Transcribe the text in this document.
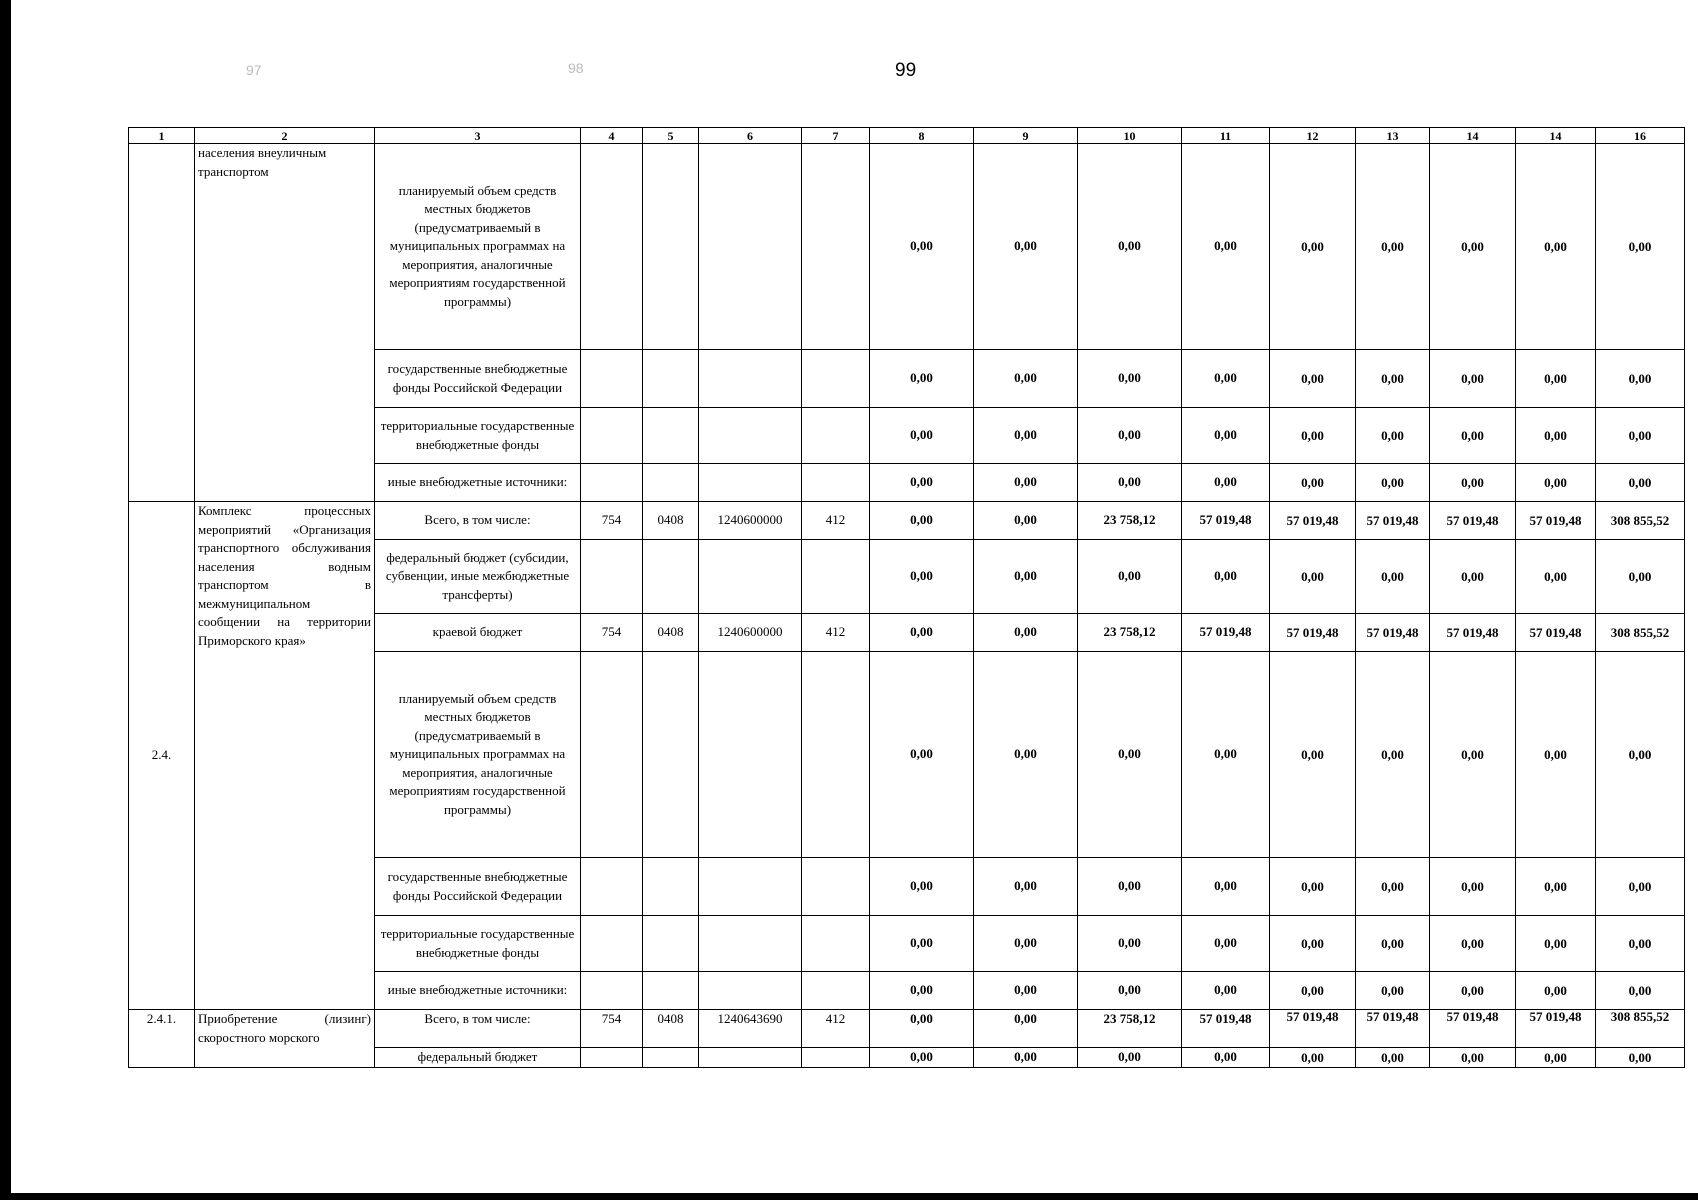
97	98	99
1	2	3	4	5	6	7	8	9	10	11	12	13	14	14	16
	населения внеуличным транспортом	планируемый объем средств местных бюджетов (предусматриваемый в муниципальных программах на мероприятия, аналогичные мероприятиям государственной программы)					0,00	0,00	0,00	0,00	0,00	0,00	0,00	0,00	0,00
		государственные внебюджетные фонды Российской Федерации					0,00	0,00	0,00	0,00	0,00	0,00	0,00	0,00	0,00
		территориальные государственные внебюджетные фонды					0,00	0,00	0,00	0,00	0,00	0,00	0,00	0,00	0,00
		иные внебюджетные источники:					0,00	0,00	0,00	0,00	0,00	0,00	0,00	0,00	0,00
2.4.	Комплекс процессных мероприятий «Организация транспортного обслуживания населения водным транспортом в межмуниципальном сообщении на территории Приморского края»	Всего, в том числе:	754	0408	1240600000	412	0,00	0,00	23 758,12	57 019,48	57 019,48	57 019,48	57 019,48	57 019,48	308 855,52
		федеральный бюджет (субсидии, субвенции, иные межбюджетные трансферты)					0,00	0,00	0,00	0,00	0,00	0,00	0,00	0,00	0,00
		краевой бюджет	754	0408	1240600000	412	0,00	0,00	23 758,12	57 019,48	57 019,48	57 019,48	57 019,48	57 019,48	308 855,52
		планируемый объем средств местных бюджетов (предусматриваемый в муниципальных программах на мероприятия, аналогичные мероприятиям государственной программы)					0,00	0,00	0,00	0,00	0,00	0,00	0,00	0,00	0,00
		государственные внебюджетные фонды Российской Федерации					0,00	0,00	0,00	0,00	0,00	0,00	0,00	0,00	0,00
		территориальные государственные внебюджетные фонды					0,00	0,00	0,00	0,00	0,00	0,00	0,00	0,00	0,00
		иные внебюджетные источники:					0,00	0,00	0,00	0,00	0,00	0,00	0,00	0,00	0,00
2.4.1.	Приобретение (лизинг) скоростного морского	Всего, в том числе:	754	0408	1240643690	412	0,00	0,00	23 758,12	57 019,48	57 019,48	57 019,48	57 019,48	57 019,48	308 855,52
		федеральный бюджет					0,00	0,00	0,00	0,00	0,00	0,00	0,00	0,00	0,00
